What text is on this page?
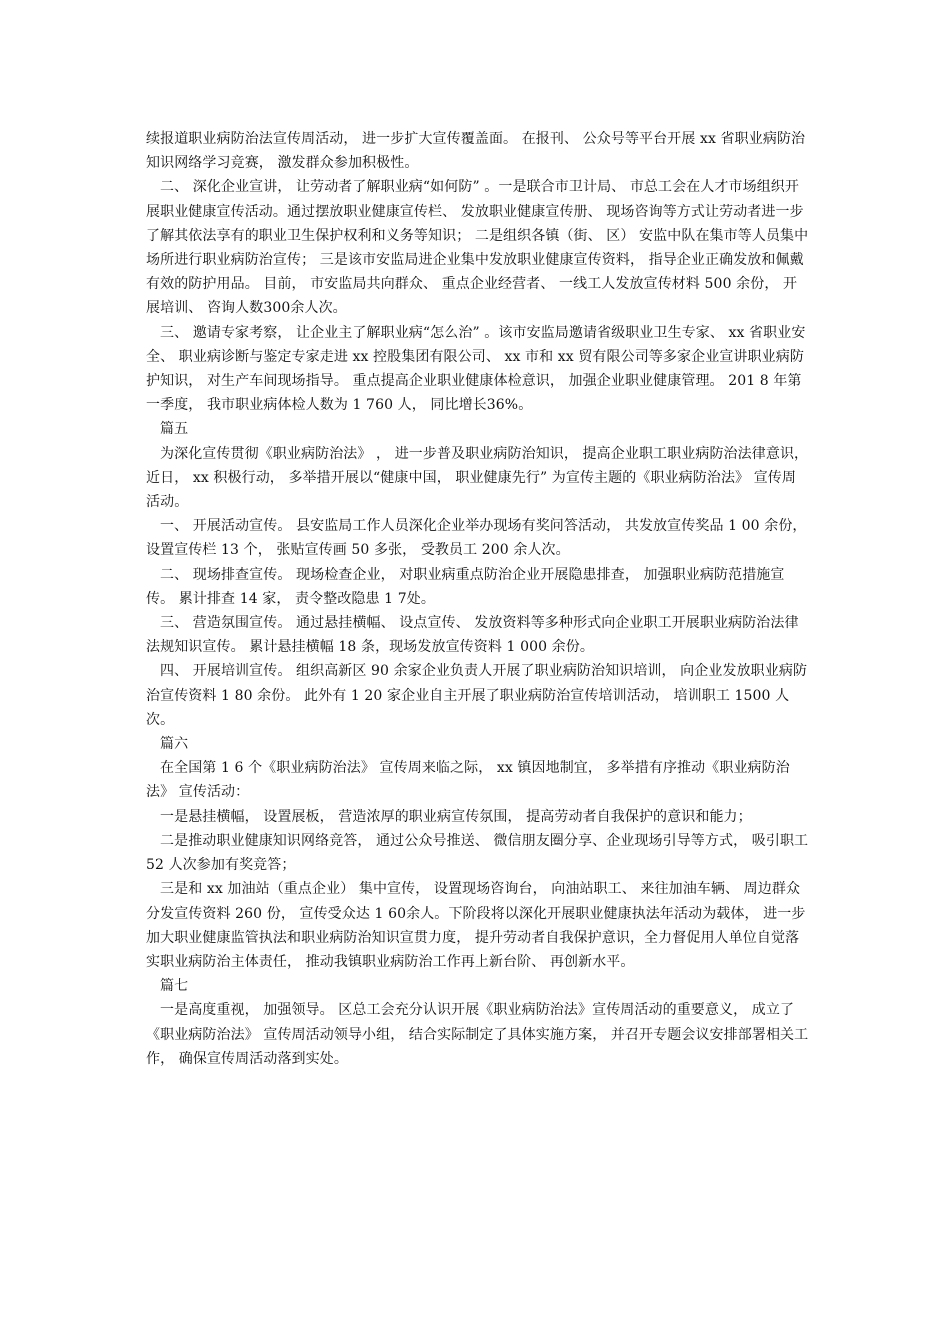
续报道职业病防治法宣传周活动， 进一步扩大宣传覆盖面。 在报刊、 公众号等平台开展 xx 省职业病防治知识网络学习竞赛， 激发群众参加积极性。

二、 深化企业宣讲， 让劳动者了解职业病“如何防” 。一是联合市卫计局、 市总工会在人才市场组织开展职业健康宣传活动。通过摆放职业健康宣传栏、 发放职业健康宣传册、 现场咨询等方式让劳动者进一步了解其依法享有的职业卫生保护权利和义务等知识； 二是组织各镇（街、 区） 安监中队在集市等人员集中场所进行职业病防治宣传； 三是该市安监局进企业集中发放职业健康宣传资料， 指导企业正确发放和佩戴有效的防护用品。 目前， 市安监局共向群众、 重点企业经营者、 一线工人发放宣传材料 500 余份， 开展培训、 咨询人数300余人次。

三、 邀请专家考察， 让企业主了解职业病“怎么治” 。该市安监局邀请省级职业卫生专家、 xx 省职业安全、 职业病诊断与鉴定专家走进 xx 控股集团有限公司、 xx 市和 xx 贸有限公司等多家企业宣讲职业病防护知识， 对生产车间现场指导。 重点提高企业职业健康体检意识， 加强企业职业健康管理。 201 8 年第一季度， 我市职业病体检人数为 1 760 人， 同比增长36%。

篇五

为深化宣传贯彻《职业病防治法》 ， 进一步普及职业病防治知识， 提高企业职工职业病防治法律意识， 近日， xx 积极行动， 多举措开展以“健康中国， 职业健康先行” 为宣传主题的《职业病防治法》 宣传周活动。

一、 开展活动宣传。 县安监局工作人员深化企业举办现场有奖问答活动， 共发放宣传奖品 1 00 余份， 设置宣传栏 13 个， 张贴宣传画 50 多张， 受教员工 200 余人次。

二、 现场排查宣传。 现场检查企业， 对职业病重点防治企业开展隐患排查， 加强职业病防范措施宣传。 累计排查 14 家， 责令整改隐患 1 7处。

三、 营造氛围宣传。 通过悬挂横幅、 设点宣传、 发放资料等多种形式向企业职工开展职业病防治法律法规知识宣传。 累计悬挂横幅 18 条，现场发放宣传资料 1 000 余份。

四、 开展培训宣传。 组织高新区 90 余家企业负责人开展了职业病防治知识培训， 向企业发放职业病防治宣传资料 1 80 余份。 此外有 1 20 家企业自主开展了职业病防治宣传培训活动， 培训职工 1500 人次。

篇六

在全国第 1 6 个《职业病防治法》 宣传周来临之际， xx 镇因地制宜， 多举措有序推动《职业病防治法》 宣传活动：

一是悬挂横幅， 设置展板， 营造浓厚的职业病宣传氛围， 提高劳动者自我保护的意识和能力；

二是推动职业健康知识网络竞答， 通过公众号推送、 微信朋友圈分享、企业现场引导等方式， 吸引职工 52 人次参加有奖竞答；

三是和 xx 加油站（重点企业） 集中宣传， 设置现场咨询台， 向油站职工、 来往加油车辆、 周边群众分发宣传资料 260 份， 宣传受众达 1 60余人。下阶段将以深化开展职业健康执法年活动为载体， 进一步加大职业健康监管执法和职业病防治知识宣贯力度， 提升劳动者自我保护意识，全力督促用人单位自觉落实职业病防治主体责任， 推动我镇职业病防治工作再上新台阶、 再创新水平。

篇七

一是高度重视， 加强领导。 区总工会充分认识开展《职业病防治法》宣传周活动的重要意义， 成立了《职业病防治法》 宣传周活动领导小组， 结合实际制定了具体实施方案， 并召开专题会议安排部署相关工作， 确保宣传周活动落到实处。
